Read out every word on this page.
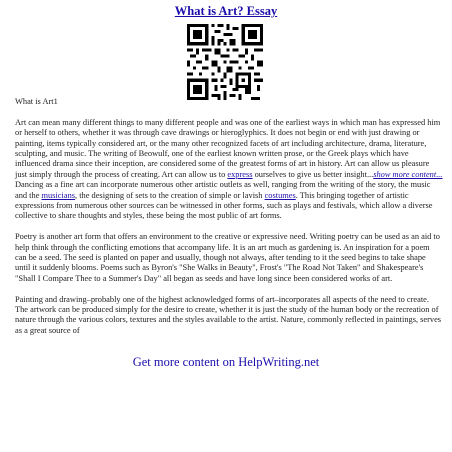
What is Art? Essay

What is Art1

Art can mean many different things to many different people and was one of the earliest ways in which man has expressed him or herself to others, whether it was through cave drawings or hieroglyphics. It does not begin or end with just drawing or painting, items typically considered art, or the many other recognized facets of art including architecture, drama, literature, sculpting, and music. The writing of Beowulf, one of the earliest known written prose, or the Greek plays which have influenced drama since their inception, are considered some of the greatest forms of art in history. Art can allow us pleasure just simply through the process of creating. Art can allow us to express ourselves to give us better insight...show more content...

Dancing as a fine art can incorporate numerous other artistic outlets as well, ranging from the writing of the story, the music and the musicians, the designing of sets to the creation of simple or lavish costumes. This bringing together of artistic expressions from numerous other sources can be witnessed in other forms, such as plays and festivals, which allow a diverse collective to share thoughts and styles, these being the most public of art forms.

Poetry is another art form that offers an environment to the creative or expressive need. Writing poetry can be used as an aid to help think through the conflicting emotions that accompany life. It is an art much as gardening is. An inspiration for a poem can be a seed. The seed is planted on paper and usually, though not always, after tending to it the seed begins to take shape until it suddenly blooms. Poems such as Byron's "She Walks in Beauty", Frost's "The Road Not Taken" and Shakespeare's "Shall I Compare Thee to a Summer's Day" all began as seeds and have long since been considered works of art.

Painting and drawing–probably one of the highest acknowledged forms of art–incorporates all aspects of the need to create. The artwork can be produced simply for the desire to create, whether it is just the study of the human body or the recreation of nature through the various colors, textures and the styles available to the artist. Nature, commonly reflected in paintings, serves as a great source of

Get more content on HelpWriting.net
